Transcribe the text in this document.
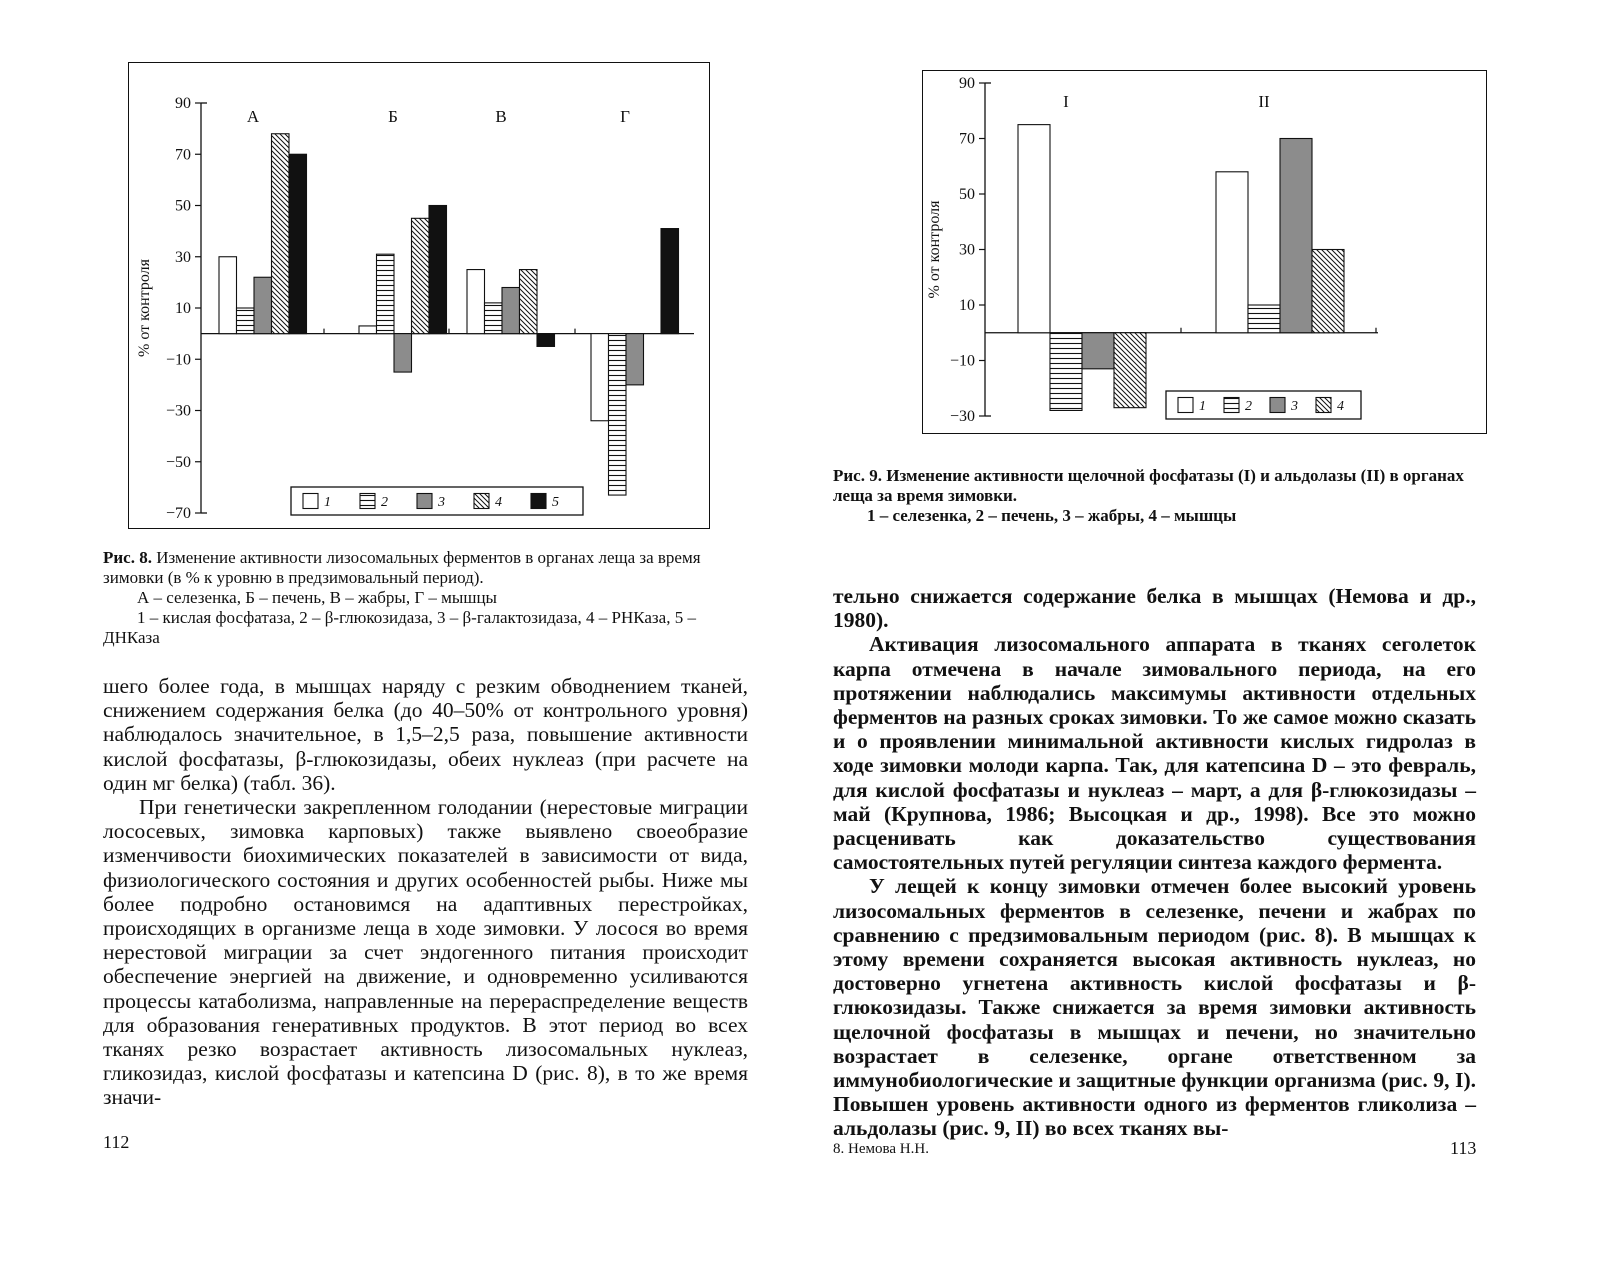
90
70
50
30
10
−10
−30
−50
−70
% от контроля
А	Б	В	Г
1	2	3	4	5
Рис. 8. Изменение активности лизосомальных ферментов в органах леща за время зимовки (в % к уровню в предзимовальный период).
А – селезенка, Б – печень, В – жабры, Г – мышцы
1 – кислая фосфатаза, 2 – β-глюкозидаза, 3 – β-галактозидаза, 4 – РНКаза, 5 – ДНКаза

шего более года, в мышцах наряду с резким обводнением тканей, снижением содержания белка (до 40–50% от контрольного уровня) наблюдалось значительное, в 1,5–2,5 раза, повышение активности кислой фосфатазы, β-глюкозидазы, обеих нуклеаз (при расчете на один мг белка) (табл. 36).

При генетически закрепленном голодании (нерестовые миграции лососевых, зимовка карповых) также выявлено своеобразие изменчивости биохимических показателей в зависимости от вида, физиологического состояния и других особенностей рыбы. Ниже мы более подробно остановимся на адаптивных перестройках, происходящих в организме леща в ходе зимовки. У лосося во время нерестовой миграции за счет эндогенного питания происходит обеспечение энергией на движение, и одновременно усиливаются процессы катаболизма, направленные на перераспределение веществ для образования генеративных продуктов. В этот период во всех тканях резко возрастает активность лизосомальных нуклеаз, гликозидаз, кислой фосфатазы и катепсина D (рис. 8), в то же время значи-

112
90
70
50
30
10
−10
−30
% от контроля
I	II
1	2	3	4
Рис. 9. Изменение активности щелочной фосфатазы (I) и альдолазы (II) в органах леща за время зимовки.
1 – селезенка, 2 – печень, 3 – жабры, 4 – мышцы

тельно снижается содержание белка в мышцах (Немова и др., 1980).

Активация лизосомального аппарата в тканях сеголеток карпа отмечена в начале зимовального периода, на его протяжении наблюдались максимумы активности отдельных ферментов на разных сроках зимовки. То же самое можно сказать и о проявлении минимальной активности кислых гидролаз в ходе зимовки молоди карпа. Так, для катепсина D – это февраль, для кислой фосфатазы и нуклеаз – март, а для β-глюкозидазы – май (Крупнова, 1986; Высоцкая и др., 1998). Все это можно расценивать как доказательство существования самостоятельных путей регуляции синтеза каждого фермента.

У лещей к концу зимовки отмечен более высокий уровень лизосомальных ферментов в селезенке, печени и жабрах по сравнению с предзимовальным периодом (рис. 8). В мышцах к этому времени сохраняется высокая активность нуклеаз, но достоверно угнетена активность кислой фосфатазы и β-глюкозидазы. Также снижается за время зимовки активность щелочной фосфатазы в мышцах и печени, но значительно возрастает в селезенке, органе ответственном за иммунобиологические и защитные функции организма (рис. 9, I). Повышен уровень активности одного из ферментов гликолиза – альдолазы (рис. 9, II) во всех тканях вы-

8. Немова Н.Н.	113
